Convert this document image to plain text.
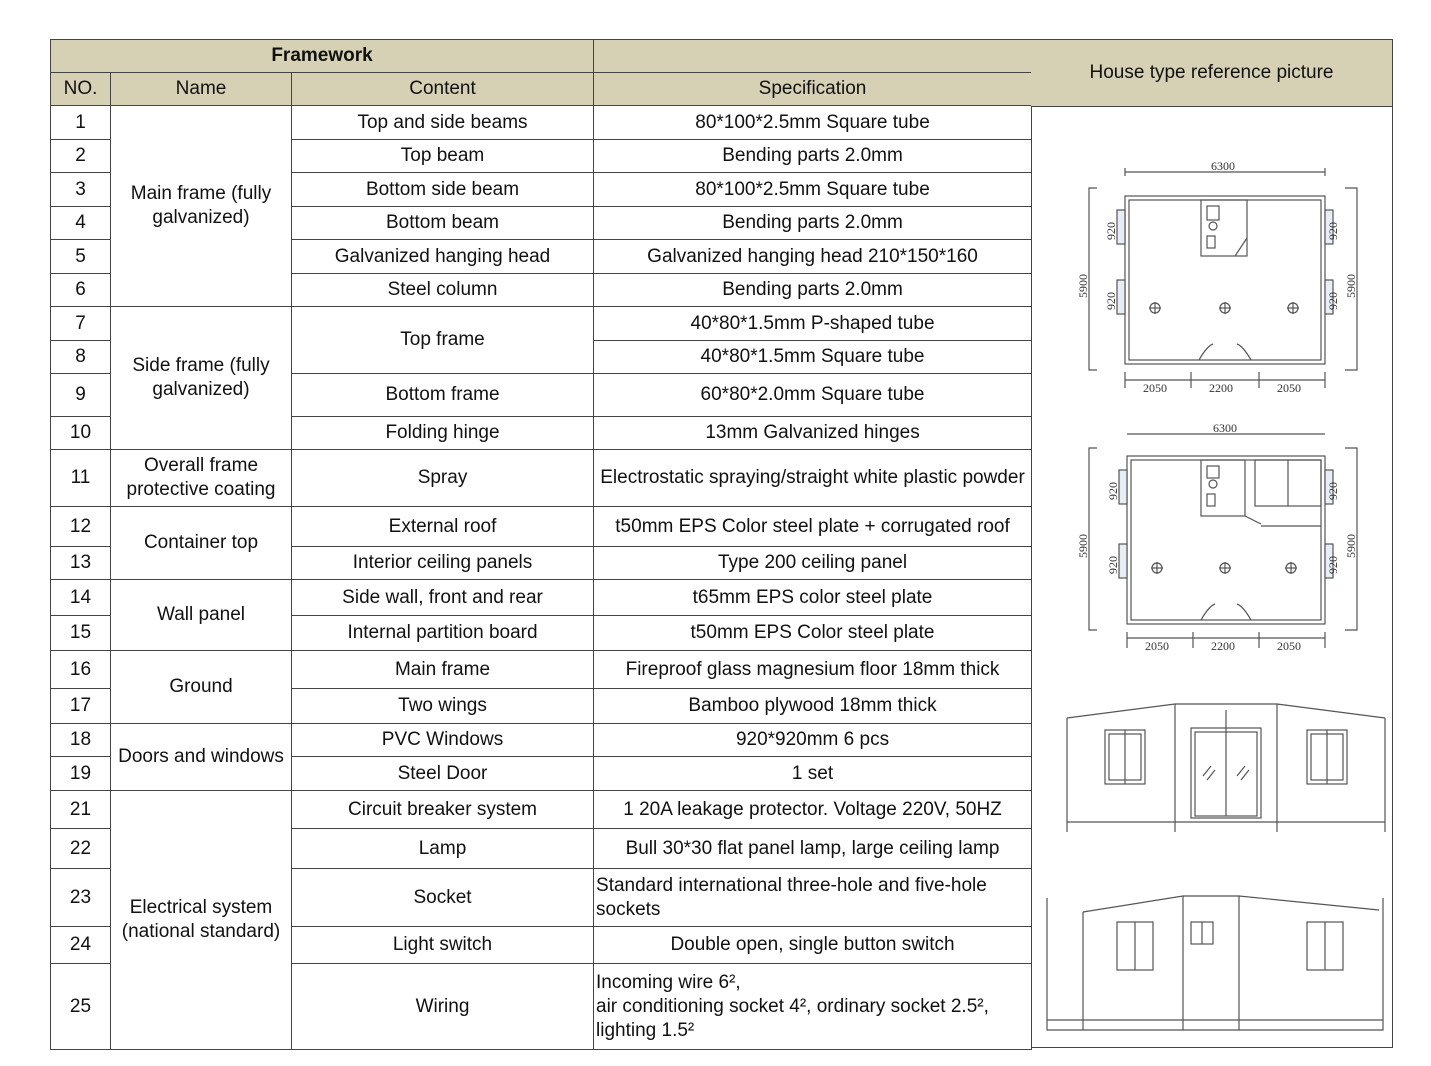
Framework			
NO.	Name	Content	Specification
1	Main frame (fully galvanized)	Top and side beams	80*100*2.5mm Square tube
2		Top beam	Bending parts 2.0mm
3		Bottom side beam	80*100*2.5mm Square tube
4		Bottom beam	Bending parts 2.0mm
5		Galvanized hanging head	Galvanized hanging head 210*150*160
6		Steel column	Bending parts 2.0mm
7	Side frame (fully galvanized)	Top frame	40*80*1.5mm P-shaped tube
8			40*80*1.5mm Square tube
9		Bottom frame	60*80*2.0mm Square tube
10		Folding hinge	13mm Galvanized hinges
11	Overall frame protective coating	Spray	Electrostatic spraying/straight white plastic powder
12	Container top	External roof	t50mm EPS Color steel plate + corrugated roof
13		Interior ceiling panels	Type 200 ceiling panel
14	Wall panel	Side wall, front and rear	t65mm EPS color steel plate
15		Internal partition board	t50mm EPS Color steel plate
16	Ground	Main frame	Fireproof glass magnesium floor 18mm thick
17		Two wings	Bamboo plywood 18mm thick
18	Doors and windows	PVC Windows	920*920mm 6 pcs
19		Steel Door	1 set
21	Electrical system (national standard)	Circuit breaker system	1 20A leakage protector. Voltage 220V, 50HZ
22		Lamp	Bull 30*30 flat panel lamp, large ceiling lamp
23		Socket	Standard international three-hole and five-hole sockets
24		Light switch	Double open, single button switch
25		Wiring	Incoming wire 6²,
air conditioning socket 4², ordinary socket 2.5²,
lighting 1.5²
House type reference picture
6300
5900	5900
920
920
920
920
2050	2200	2050
6300
5900	5900
920
920
920
920
2050	2200	2050
